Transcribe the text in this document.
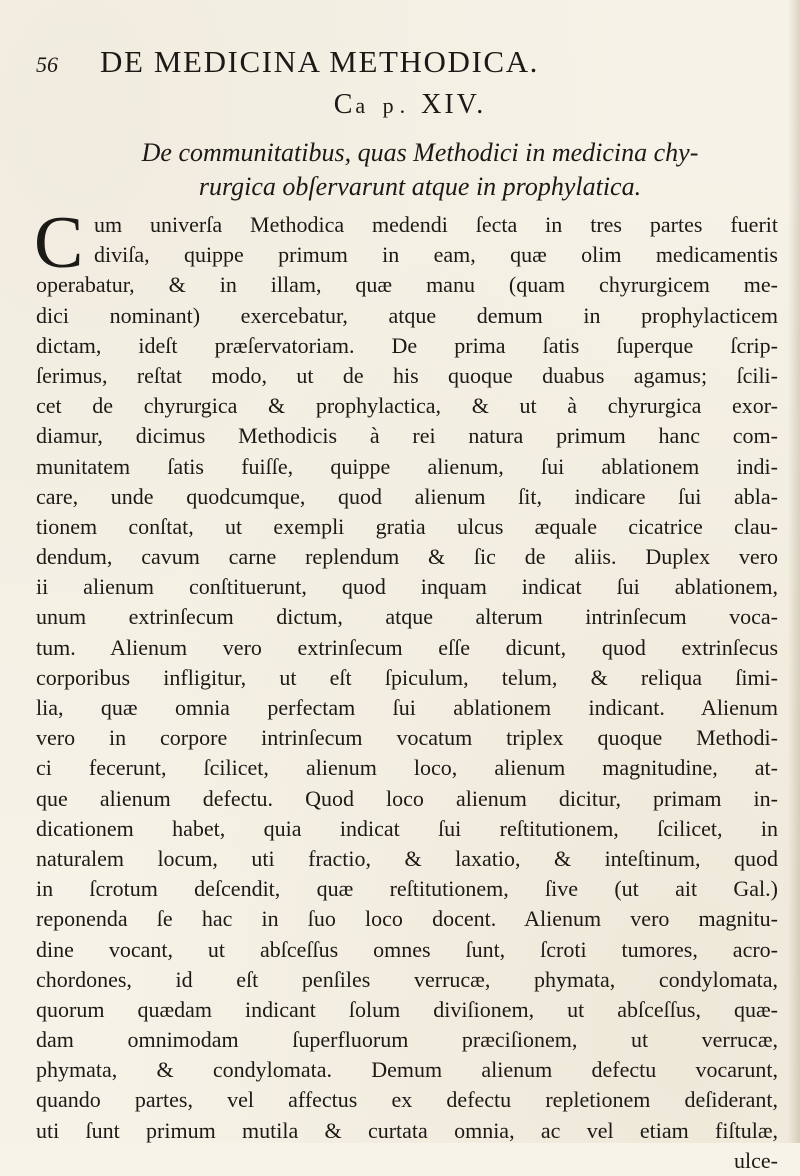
56 DE MEDICINA METHODICA.
Ca p. XIV.
De communitatibus, quas Methodici in medicina chy-
rurgica obſervarunt atque in prophylatica.
C um univerſa Methodica medendi ſecta in tres partes fuerit
diviſa, quippe primum in eam, quæ olim medicamentis
operabatur, & in illam, quæ manu (quam chyrurgicem me-
dici nominant) exercebatur, atque demum in prophylacticem
dictam, ideſt præſervatoriam. De prima ſatis ſuperque ſcrip-
ſerimus, reſtat modo, ut de his quoque duabus agamus; ſcili-
cet de chyrurgica & prophylactica, & ut à chyrurgica exor-
diamur, dicimus Methodicis à rei natura primum hanc com-
munitatem ſatis fuiſſe, quippe alienum, ſui ablationem indi-
care, unde quodcumque, quod alienum ſit, indicare ſui abla-
tionem conſtat, ut exempli gratia ulcus æquale cicatrice clau-
dendum, cavum carne replendum & ſic de aliis. Duplex vero
ii alienum conſtituerunt, quod inquam indicat ſui ablationem,
unum extrinſecum dictum, atque alterum intrinſecum voca-
tum. Alienum vero extrinſecum eſſe dicunt, quod extrinſecus
corporibus infligitur, ut eſt ſpiculum, telum, & reliqua ſimi-
lia, quæ omnia perfectam ſui ablationem indicant. Alienum
vero in corpore intrinſecum vocatum triplex quoque Methodi-
ci fecerunt, ſcilicet, alienum loco, alienum magnitudine, at-
que alienum defectu. Quod loco alienum dicitur, primam in-
dicationem habet, quia indicat ſui reſtitutionem, ſcilicet, in
naturalem locum, uti fractio, & laxatio, & inteſtinum, quod
in ſcrotum deſcendit, quæ reſtitutionem, ſive (ut ait Gal.)
reponenda ſe hac in ſuo loco docent. Alienum vero magnitu-
dine vocant, ut abſceſſus omnes ſunt, ſcroti tumores, acro-
chordones, id eſt penſiles verrucæ, phymata, condylomata,
quorum quædam indicant ſolum diviſionem, ut abſceſſus, quæ-
dam omnimodam ſuperfluorum præciſionem, ut verrucæ,
phymata, & condylomata. Demum alienum defectu vocarunt,
quando partes, vel affectus ex defectu repletionem deſiderant,
uti ſunt primum mutila & curtata omnia, ac vel etiam fiſtulæ,
ulce-
